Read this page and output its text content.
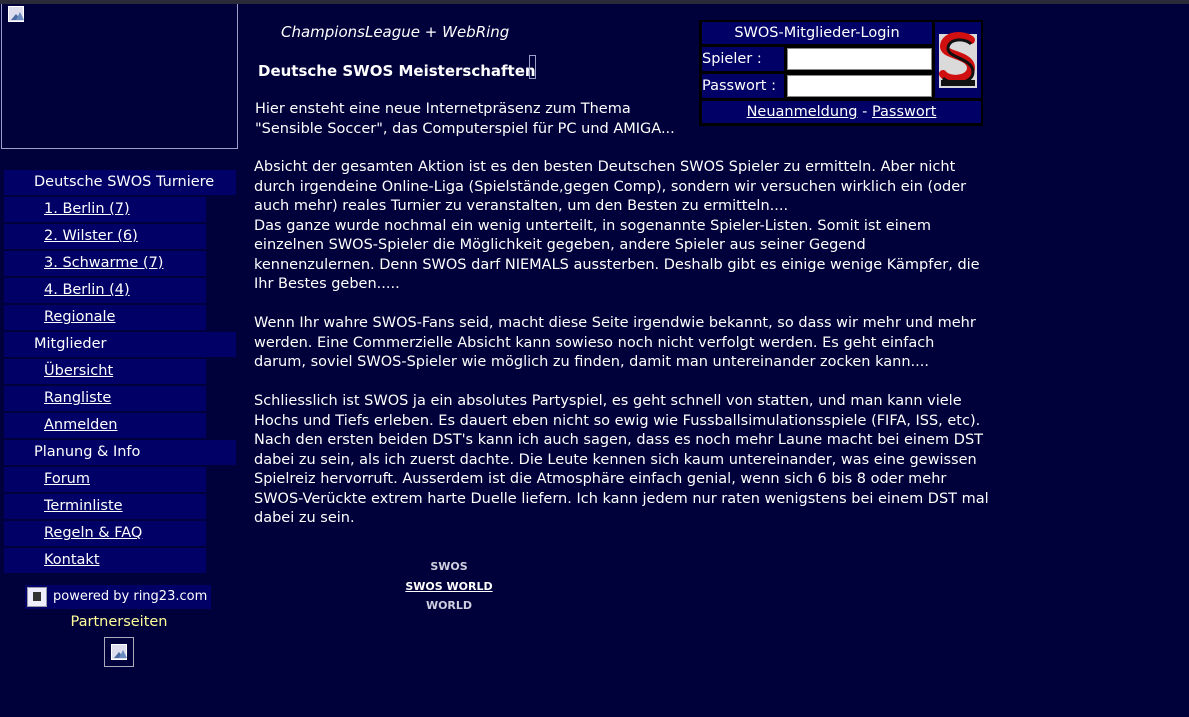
Deutsche SWOS Turniere
1. Berlin (7)
2. Wilster (6)
3. Schwarme (7)
4. Berlin (4)
Regionale
Mitglieder
Übersicht
Rangliste
Anmelden
Planung & Info
Forum
Terminliste
Regeln & FAQ
Kontakt
powered by ring23.com
Partnerseiten
ChampionsLeague + WebRing
Deutsche SWOS Meisterschaften
Hier ensteht eine neue Internetpräsenz zum Thema
"Sensible Soccer", das Computerspiel für PC und AMIGA...

Absicht der gesamten Aktion ist es den besten Deutschen SWOS Spieler zu ermitteln. Aber nicht durch irgendeine Online-Liga (Spielstände,gegen Comp), sondern wir versuchen wirklich ein (oder auch mehr) reales Turnier zu veranstalten, um den Besten zu ermitteln....
Das ganze wurde nochmal ein wenig unterteilt, in sogenannte Spieler-Listen. Somit ist einem einzelnen SWOS-Spieler die Möglichkeit gegeben, andere Spieler aus seiner Gegend kennenzulernen. Denn SWOS darf NIEMALS aussterben. Deshalb gibt es einige wenige Kämpfer, die Ihr Bestes geben.....

Wenn Ihr wahre SWOS-Fans seid, macht diese Seite irgendwie bekannt, so dass wir mehr und mehr werden. Eine Commerzielle Absicht kann sowieso noch nicht verfolgt werden. Es geht einfach darum, soviel SWOS-Spieler wie möglich zu finden, damit man untereinander zocken kann....

Schliesslich ist SWOS ja ein absolutes Partyspiel, es geht schnell von statten, und man kann viele Hochs und Tiefs erleben. Es dauert eben nicht so ewig wie Fussballsimulationsspiele (FIFA, ISS, etc). Nach den ersten beiden DST's kann ich auch sagen, dass es noch mehr Laune macht bei einem DST dabei zu sein, als ich zuerst dachte. Die Leute kennen sich kaum untereinander, was eine gewissen Spielreiz hervorruft. Ausserdem ist die Atmosphäre einfach genial, wenn sich 6 bis 8 oder mehr SWOS-Verückte extrem harte Duelle liefern. Ich kann jedem nur raten wenigstens bei einem DST mal dabei zu sein.

SWOS
SWOS WORLD
WORLD
SWOS-Mitglieder-Login
Spieler :
Passwort :
Neuanmeldung - Passwort
